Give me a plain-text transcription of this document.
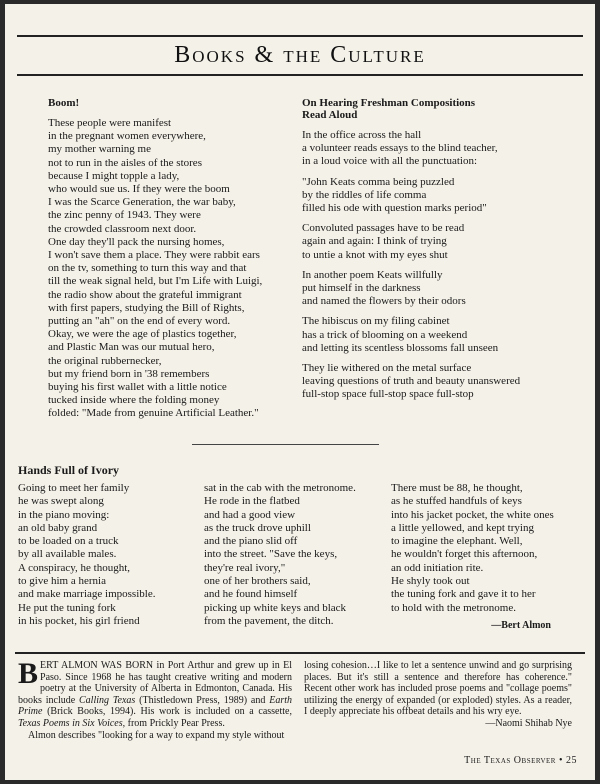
Books & the Culture
Boom!
These people were manifest
in the pregnant women everywhere,
my mother warning me
not to run in the aisles of the stores
because I might topple a lady,
who would sue us. If they were the boom
I was the Scarce Generation, the war baby,
the zinc penny of 1943. They were
the crowded classroom next door.
One day they'll pack the nursing homes,
I won't save them a place. They were rabbit ears
on the tv, something to turn this way and that
till the weak signal held, but I'm Life with Luigi,
the radio show about the grateful immigrant
with first papers, studying the Bill of Rights,
putting an "ah" on the end of every word.
Okay, we were the age of plastics together,
and Plastic Man was our mutual hero,
the original rubbernecker,
but my friend born in '38 remembers
buying his first wallet with a little notice
tucked inside where the folding money
folded: "Made from genuine Artificial Leather."
On Hearing Freshman Compositions
Read Aloud
In the office across the hall
a volunteer reads essays to the blind teacher,
in a loud voice with all the punctuation:
"John Keats comma being puzzled
by the riddles of life comma
filled his ode with question marks period"
Convoluted passages have to be read
again and again: I think of trying
to untie a knot with my eyes shut
In another poem Keats willfully
put himself in the darkness
and named the flowers by their odors
The hibiscus on my filing cabinet
has a trick of blooming on a weekend
and letting its scentless blossoms fall unseen
They lie withered on the metal surface
leaving questions of truth and beauty unanswered
full-stop space full-stop space full-stop
Hands Full of Ivory
Going to meet her family
he was swept along
in the piano moving:
an old baby grand
to be loaded on a truck
by all available males.
A conspiracy, he thought,
to give him a hernia
and make marriage impossible.
He put the tuning fork
in his pocket, his girl friend
sat in the cab with the metronome.
He rode in the flatbed
and had a good view
as the truck drove uphill
and the piano slid off
into the street. "Save the keys,
they're real ivory,"
one of her brothers said,
and he found himself
picking up white keys and black
from the pavement, the ditch.
There must be 88, he thought,
as he stuffed handfuls of keys
into his jacket pocket, the white ones
a little yellowed, and kept trying
to imagine the elephant. Well,
he wouldn't forget this afternoon,
an odd initiation rite.
He shyly took out
the tuning fork and gave it to her
to hold with the metronome.
—Bert Almon
BERT ALMON WAS BORN in Port Arthur and grew up in El Paso. Since 1968 he has taught creative writing and modern poetry at the University of Alberta in Edmonton, Canada. His books include Calling Texas (Thistledown Press, 1989) and Earth Prime (Brick Books, 1994). His work is included on a cassette, Texas Poems in Six Voices, from Prickly Pear Press.
Almon describes "looking for a way to expand my style without
losing cohesion…I like to let a sentence unwind and go surprising places. But it's still a sentence and therefore has coherence." Recent other work has included prose poems and "collage poems" utilizing the energy of expanded (or exploded) styles. As a reader, I deeply appreciate his offbeat details and his wry eye.
—Naomi Shihab Nye
The Texas Observer • 25
